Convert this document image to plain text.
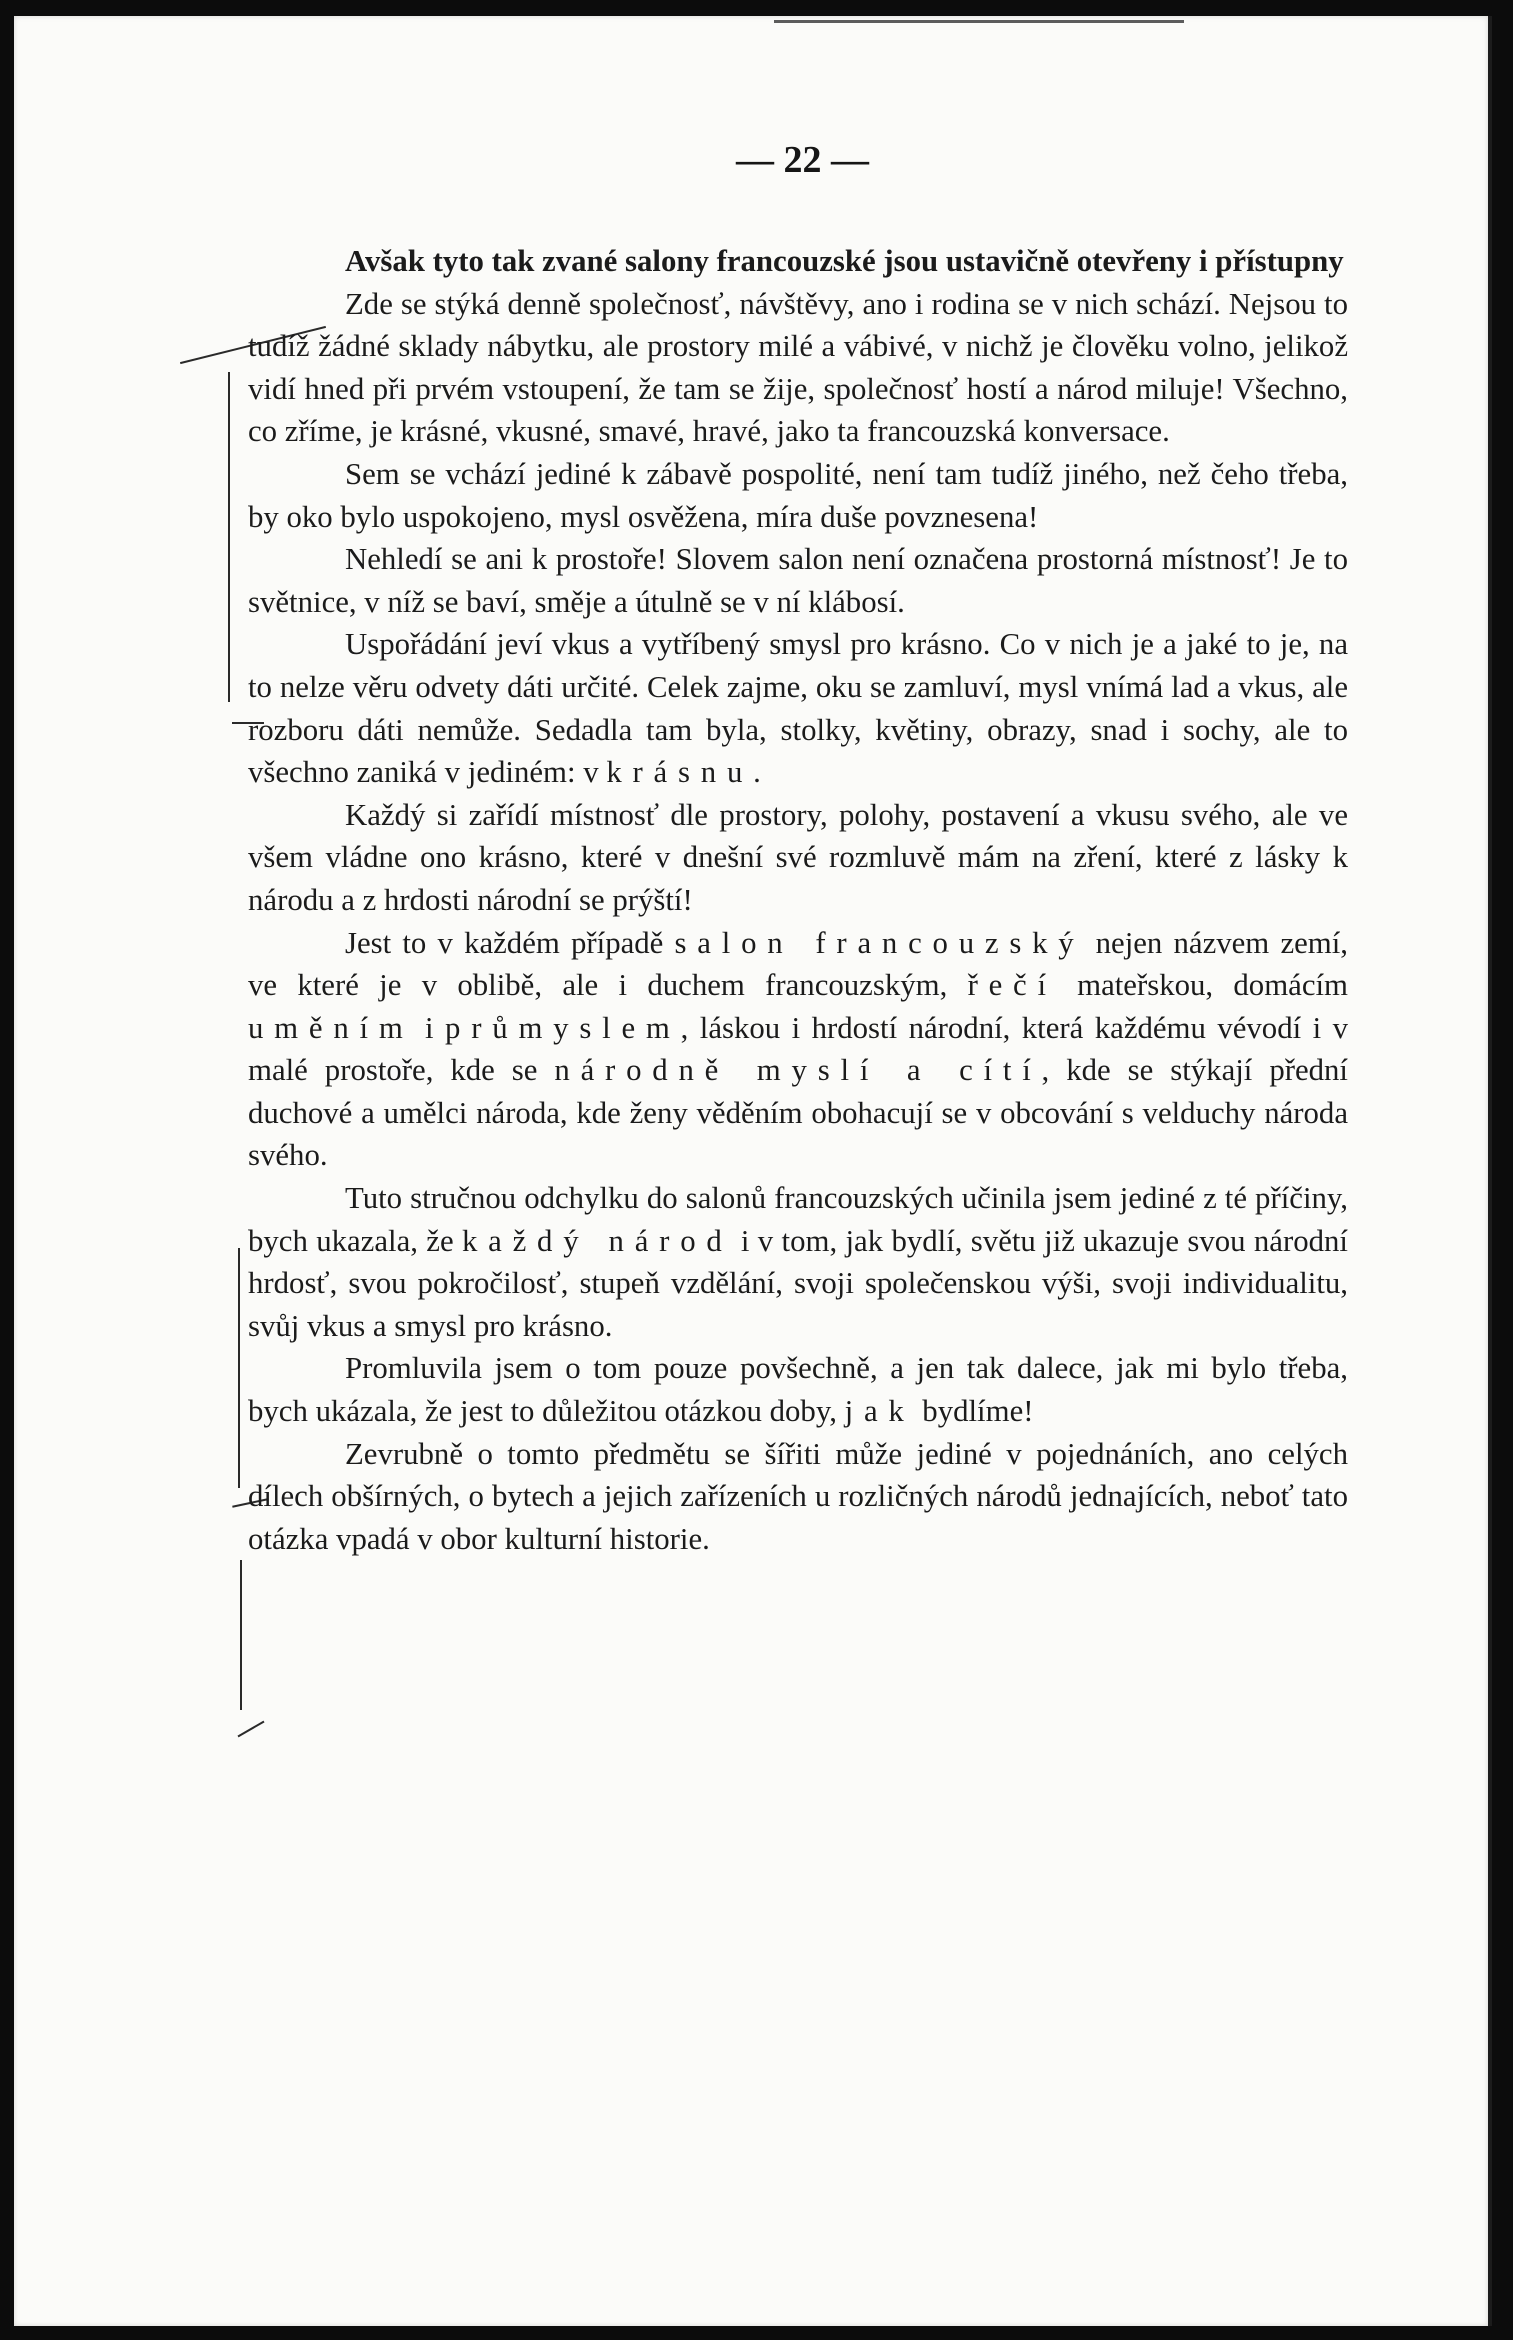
— 22 —

Avšak tyto tak zvané salony francouzské jsou ustavičně otevřeny i přístupny

Zde se stýká denně společnosť, návštěvy, ano i rodina se v nich schází. Nejsou to tudíž žádné sklady nábytku, ale prostory milé a vábivé, v nichž je člověku volno, jelikož vidí hned při prvém vstoupení, že tam se žije, společnosť hostí a národ miluje! Všechno, co zříme, je krásné, vkusné, smavé, hravé, jako ta francouzská konversace.

Sem se vchází jediné k zábavě pospolité, není tam tudíž jiného, než čeho třeba, by oko bylo uspokojeno, mysl osvěžena, míra duše povznesena!

Nehledí se ani k prostoře! Slovem salon není označena prostorná místnosť! Je to světnice, v níž se baví, směje a útulně se v ní klábosí.

Uspořádání jeví vkus a vytříbený smysl pro krásno. Co v nich je a jaké to je, na to nelze věru odvety dáti určité. Celek zajme, oku se zamluví, mysl vnímá lad a vkus, ale rozboru dáti nemůže. Sedadla tam byla, stolky, květiny, obrazy, snad i sochy, ale to všechno zaniká v jediném: v krásnu.

Každý si zařídí místnosť dle prostory, polohy, postavení a vkusu svého, ale ve všem vládne ono krásno, které v dnešní své rozmluvě mám na zření, které z lásky k národu a z hrdosti národní se prýští!

Jest to v každém případě salon francouzský nejen názvem zemí, ve které je v oblibě, ale i duchem francouzským, řečí mateřskou, domácím uměním i průmyslem, láskou i hrdostí národní, která každému vévodí i v malé prostoře, kde se národně myslí a cítí, kde se stýkají přední duchové a umělci národa, kde ženy věděním obohacují se v obcování s velduchy národa svého.

Tuto stručnou odchylku do salonů francouzských učinila jsem jediné z té příčiny, bych ukazala, že každý národ i v tom, jak bydlí, světu již ukazuje svou národní hrdosť, svou pokročilosť, stupeň vzdělání, svoji společenskou výši, svoji individualitu, svůj vkus a smysl pro krásno.

Promluvila jsem o tom pouze povšechně, a jen tak dalece, jak mi bylo třeba, bych ukázala, že jest to důležitou otázkou doby, jak bydlíme!

Zevrubně o tomto předmětu se šířiti může jediné v pojednáních, ano celých dílech obšírných, o bytech a jejich zařízeních u rozličných národů jednajících, neboť tato otázka vpadá v obor kulturní historie.
